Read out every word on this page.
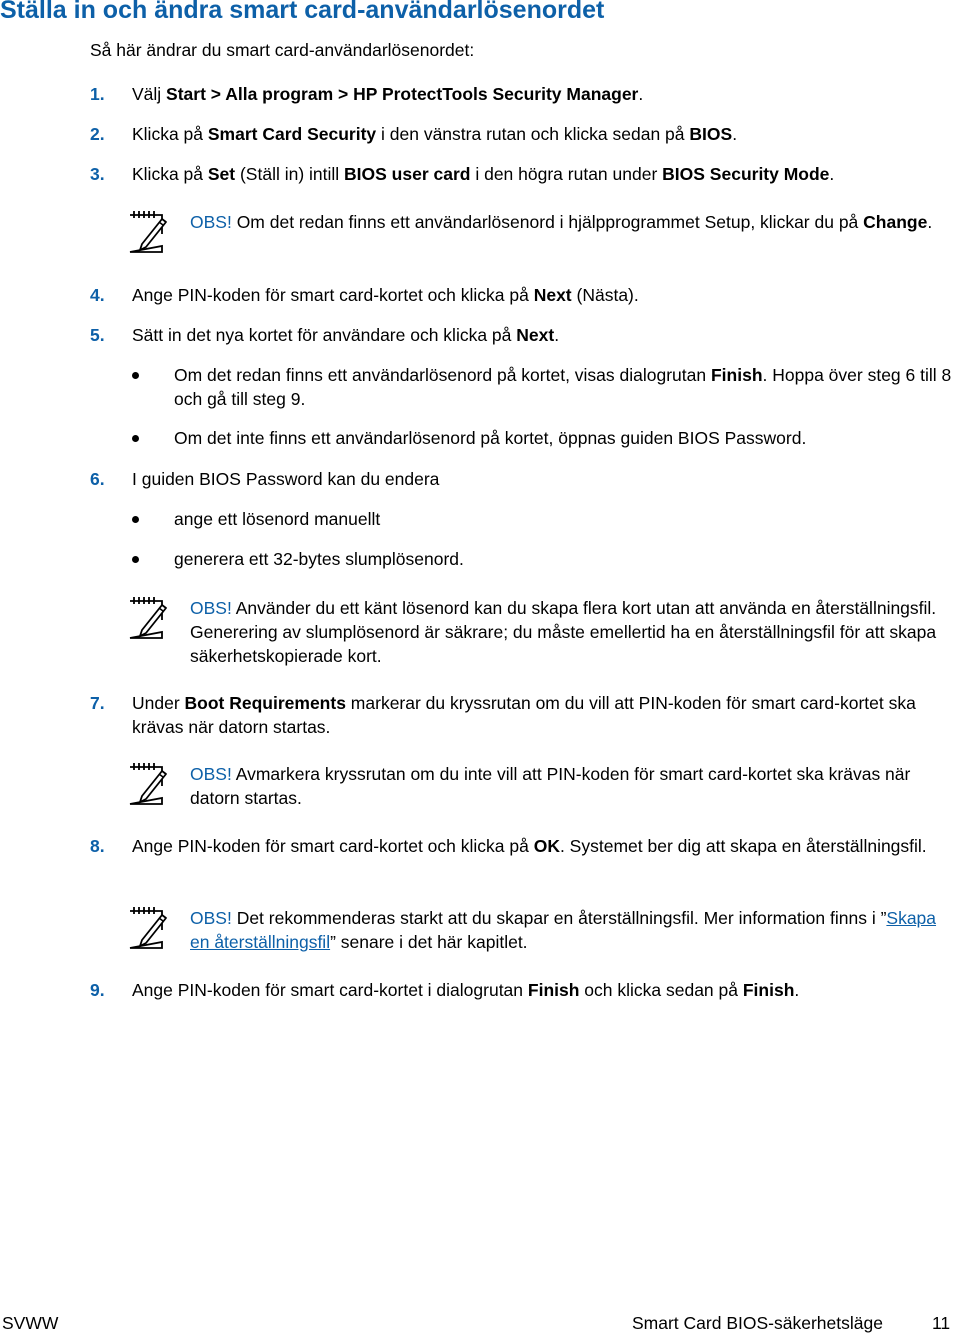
Ställa in och ändra smart card-användarlösenordet
Så här ändrar du smart card-användarlösenordet:
1. Välj Start > Alla program > HP ProtectTools Security Manager.
2. Klicka på Smart Card Security i den vänstra rutan och klicka sedan på BIOS.
3. Klicka på Set (Ställ in) intill BIOS user card i den högra rutan under BIOS Security Mode.
OBS! Om det redan finns ett användarlösenord i hjälpprogrammet Setup, klickar du på Change.
4. Ange PIN-koden för smart card-kortet och klicka på Next (Nästa).
5. Sätt in det nya kortet för användare och klicka på Next.
Om det redan finns ett användarlösenord på kortet, visas dialogrutan Finish. Hoppa över steg 6 till 8 och gå till steg 9.
Om det inte finns ett användarlösenord på kortet, öppnas guiden BIOS Password.
6. I guiden BIOS Password kan du endera
ange ett lösenord manuellt
generera ett 32-bytes slumplösenord.
OBS! Använder du ett känt lösenord kan du skapa flera kort utan att använda en återställningsfil. Generering av slumplösenord är säkrare; du måste emellertid ha en återställningsfil för att skapa säkerhetskopierade kort.
7. Under Boot Requirements markerar du kryssrutan om du vill att PIN-koden för smart card-kortet ska krävas när datorn startas.
OBS! Avmarkera kryssrutan om du inte vill att PIN-koden för smart card-kortet ska krävas när datorn startas.
8. Ange PIN-koden för smart card-kortet och klicka på OK. Systemet ber dig att skapa en återställningsfil.
OBS! Det rekommenderas starkt att du skapar en återställningsfil. Mer information finns i ”Skapa en återställningsfil” senare i det här kapitlet.
9. Ange PIN-koden för smart card-kortet i dialogrutan Finish och klicka sedan på Finish.
SVWW	Smart Card BIOS-säkerhetsläge	11
